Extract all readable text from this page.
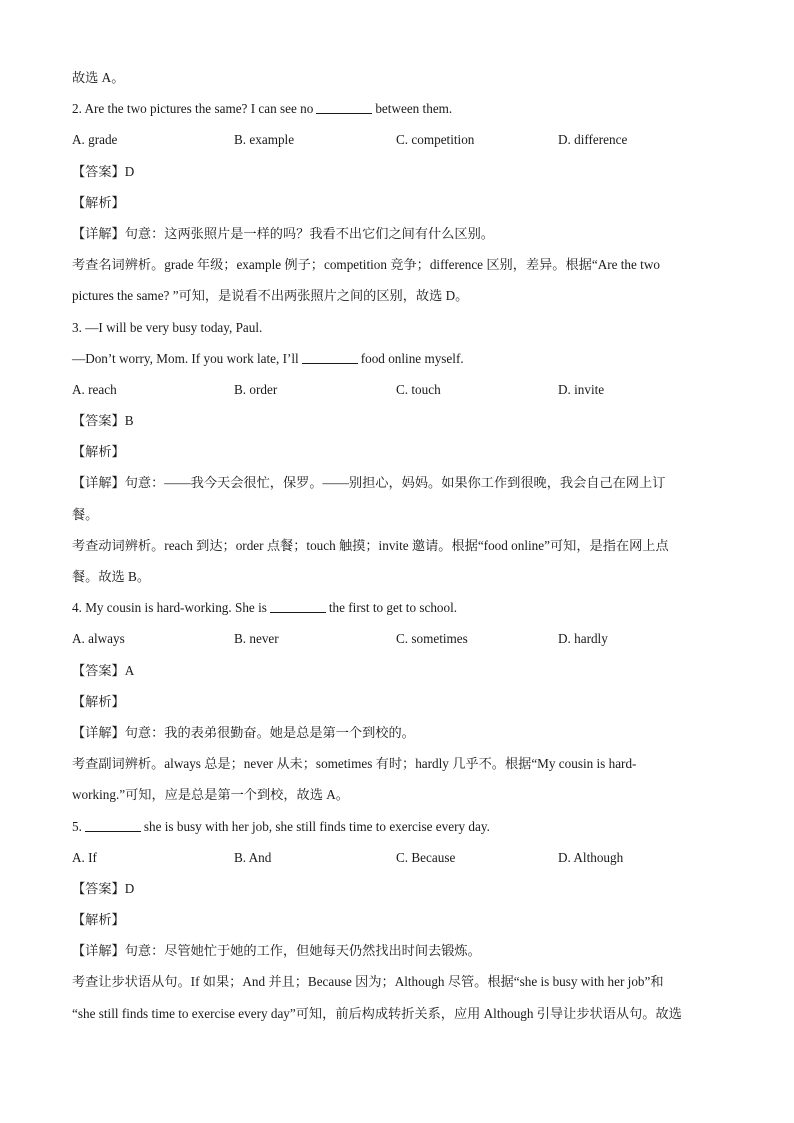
故选 A。
2. Are the two pictures the same? I can see no	between them.
A. grade	B. example	C. competition	D. difference
【答案】D
【解析】
【详解】句意：这两张照片是一样的吗？我看不出它们之间有什么区别。
考查名词辨析。grade 年级；example 例子；competition 竞争；difference 区别，差异。根据“Are the two
pictures the same? ”可知，是说看不出两张照片之间的区别，故选 D。
3. —I will be very busy today, Paul.
—Don’t worry, Mom. If you work late, I’ll	food online myself.
A. reach	B. order	C. touch	D. invite
【答案】B
【解析】
【详解】句意：——我今天会很忙，保罗。——别担心，妈妈。如果你工作到很晚，我会自己在网上订
餐。
考查动词辨析。reach 到达；order 点餐；touch 触摸；invite 邀请。根据“food online”可知，是指在网上点
餐。故选 B。
4. My cousin is hard-working. She is	the first to get to school.
A. always	B. never	C. sometimes	D. hardly
【答案】A
【解析】
【详解】句意：我的表弟很勤奋。她是总是第一个到校的。
考查副词辨析。always 总是；never 从未；sometimes 有时；hardly 几乎不。根据“My cousin is hard-
working.”可知，应是总是第一个到校，故选 A。
5.	she is busy with her job, she still finds time to exercise every day.
A. If	B. And	C. Because	D. Although
【答案】D
【解析】
【详解】句意：尽管她忙于她的工作，但她每天仍然找出时间去锻炼。
考查让步状语从句。If 如果；And 并且；Because 因为；Although 尽管。根据“she is busy with her job”和
“she still finds time to exercise every day”可知，前后构成转折关系，应用 Although 引导让步状语从句。故选
